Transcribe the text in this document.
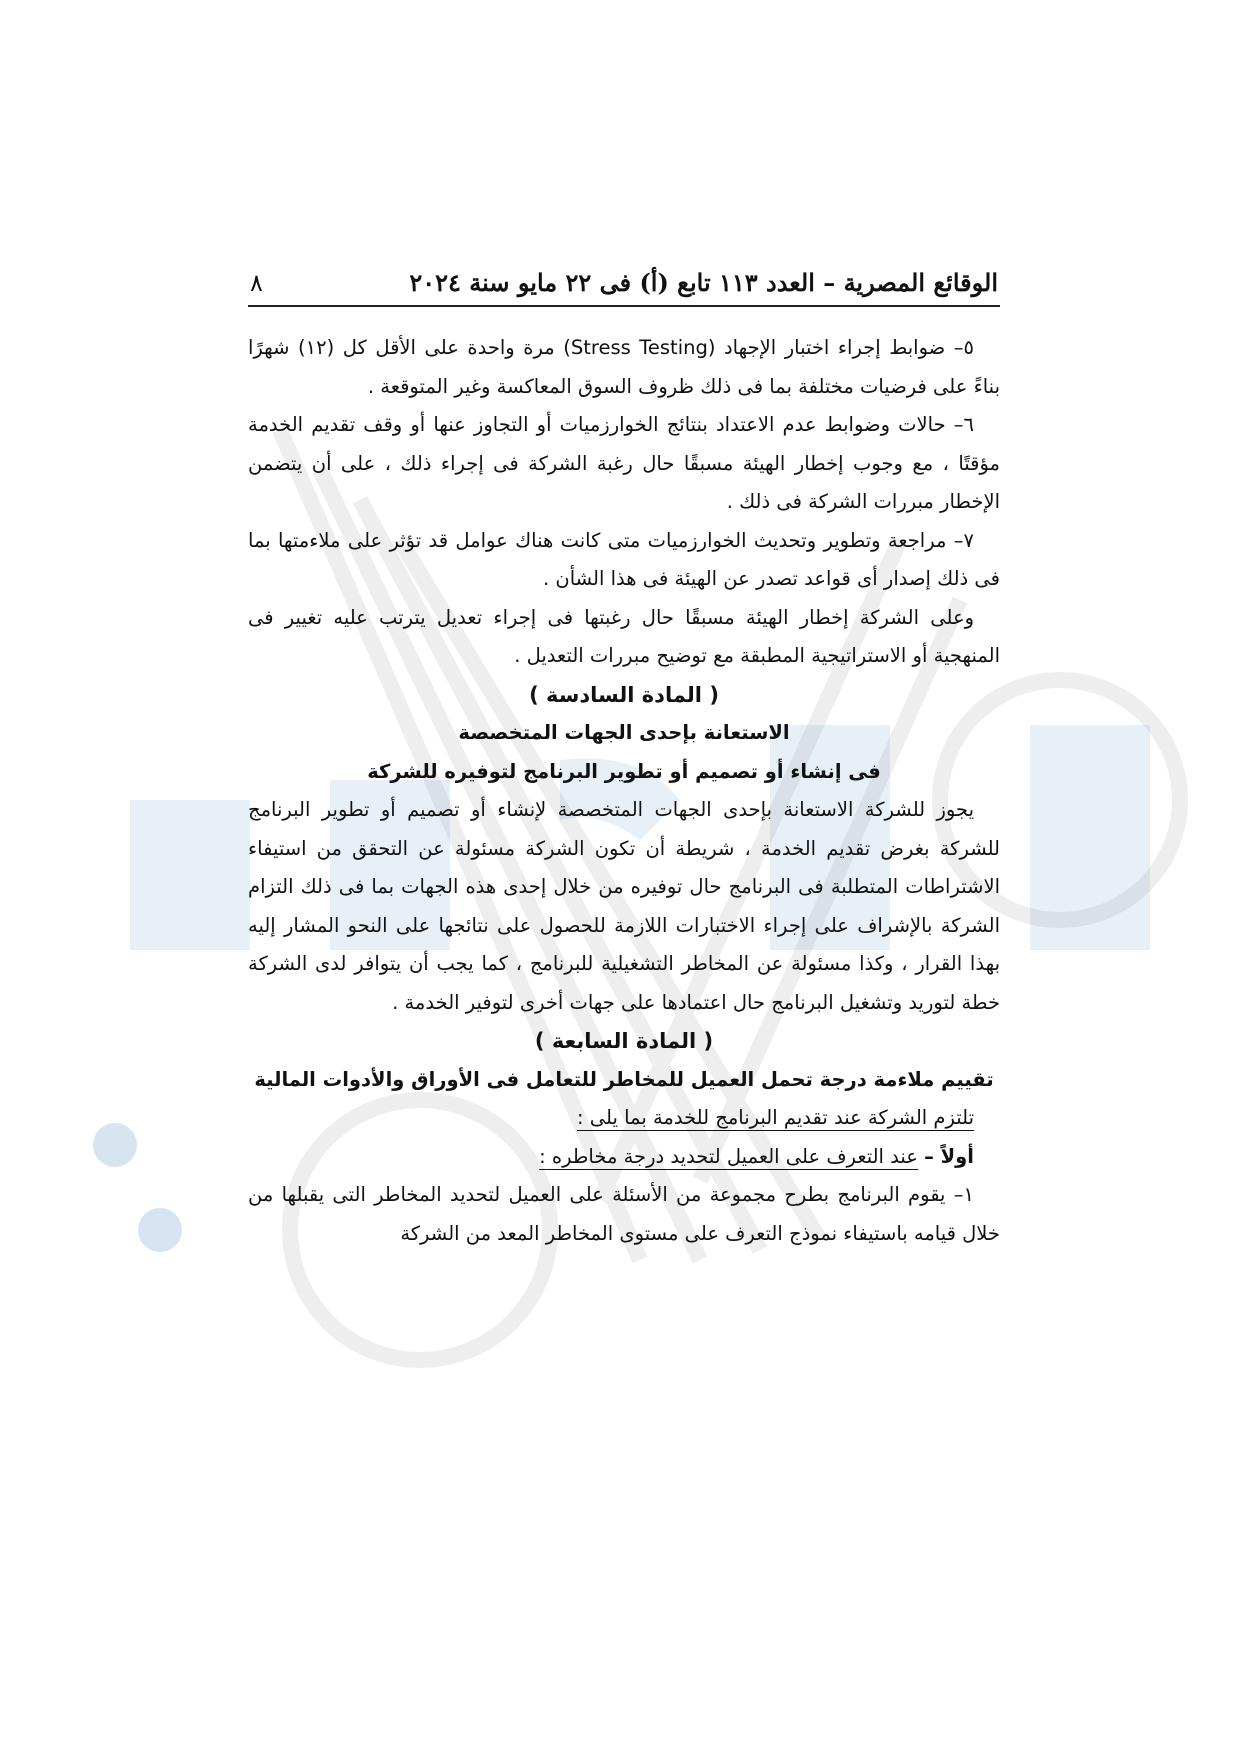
الوقائع المصرية – العدد ١١٣ تابع (أ) فى ٢٢ مايو سنة ٢٠٢٤
٨

٥– ضوابط إجراء اختبار الإجهاد (Stress Testing) مرة واحدة على الأقل كل (١٢) شهرًا بناءً على فرضيات مختلفة بما فى ذلك ظروف السوق المعاكسة وغير المتوقعة .

٦– حالات وضوابط عدم الاعتداد بنتائج الخوارزميات أو التجاوز عنها أو وقف تقديم الخدمة مؤقتًا ، مع وجوب إخطار الهيئة مسبقًا حال رغبة الشركة فى إجراء ذلك ، على أن يتضمن الإخطار مبررات الشركة فى ذلك .

٧– مراجعة وتطوير وتحديث الخوارزميات متى كانت هناك عوامل قد تؤثر على ملاءمتها بما فى ذلك إصدار أى قواعد تصدر عن الهيئة فى هذا الشأن .

وعلى الشركة إخطار الهيئة مسبقًا حال رغبتها فى إجراء تعديل يترتب عليه تغيير فى المنهجية أو الاستراتيجية المطبقة مع توضيح مبررات التعديل .

( المادة السادسة )

الاستعانة بإحدى الجهات المتخصصة

فى إنشاء أو تصميم أو تطوير البرنامج لتوفيره للشركة

يجوز للشركة الاستعانة بإحدى الجهات المتخصصة لإنشاء أو تصميم أو تطوير البرنامج للشركة بغرض تقديم الخدمة ، شريطة أن تكون الشركة مسئولة عن التحقق من استيفاء الاشتراطات المتطلبة فى البرنامج حال توفيره من خلال إحدى هذه الجهات بما فى ذلك التزام الشركة بالإشراف على إجراء الاختبارات اللازمة للحصول على نتائجها على النحو المشار إليه بهذا القرار ، وكذا مسئولة عن المخاطر التشغيلية للبرنامج ، كما يجب أن يتوافر لدى الشركة خطة لتوريد وتشغيل البرنامج حال اعتمادها على جهات أخرى لتوفير الخدمة .

( المادة السابعة )

تقييم ملاءمة درجة تحمل العميل للمخاطر للتعامل فى الأوراق والأدوات المالية

تلتزم الشركة عند تقديم البرنامج للخدمة بما يلى :

أولاً – عند التعرف على العميل لتحديد درجة مخاطره :

١– يقوم البرنامج بطرح مجموعة من الأسئلة على العميل لتحديد المخاطر التى يقبلها من خلال قيامه باستيفاء نموذج التعرف على مستوى المخاطر المعد من الشركة
